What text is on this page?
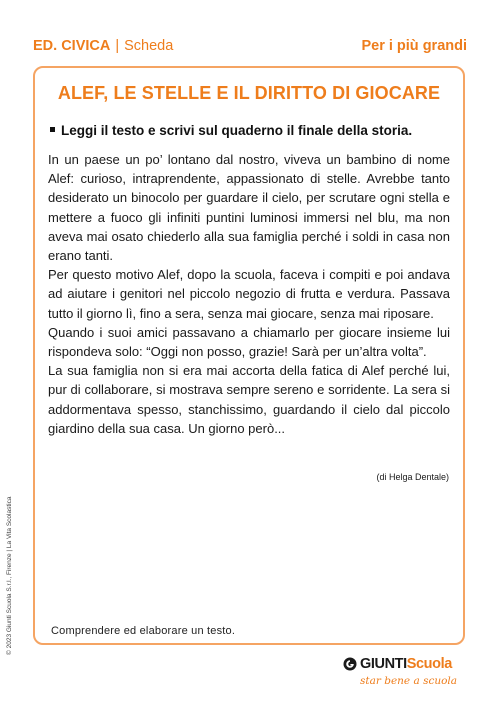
ED. CIVICA | Scheda	Per i più grandi
ALEF, LE STELLE E IL DIRITTO DI GIOCARE
Leggi il testo e scrivi sul quaderno il finale della storia.

In un paese un po’ lontano dal nostro, viveva un bambino di nome Alef: curioso, intraprendente, appassionato di stelle. Avrebbe tanto desiderato un binocolo per guardare il cielo, per scrutare ogni stella e mettere a fuoco gli infiniti puntini luminosi immersi nel blu, ma non aveva mai osato chiederlo alla sua famiglia perché i soldi in casa non erano tanti.

Per questo motivo Alef, dopo la scuola, faceva i compiti e poi andava ad aiutare i genitori nel piccolo negozio di frutta e verdura. Passava tutto il giorno lì, fino a sera, senza mai giocare, senza mai riposare.

Quando i suoi amici passavano a chiamarlo per giocare insieme lui rispondeva solo: “Oggi non posso, grazie! Sarà per un’altra volta”.

La sua famiglia non si era mai accorta della fatica di Alef perché lui, pur di collaborare, si mostrava sempre sereno e sorridente. La sera si addormentava spesso, stanchissimo, guardando il cielo dal piccolo giardino della sua casa. Un giorno però...

(di Helga Dentale)
Comprendere ed elaborare un testo.
© 2023 Giunti Scuola S.r.l., Firenze | La Vita Scolastica
GIUNTIScuola
star bene a scuola
